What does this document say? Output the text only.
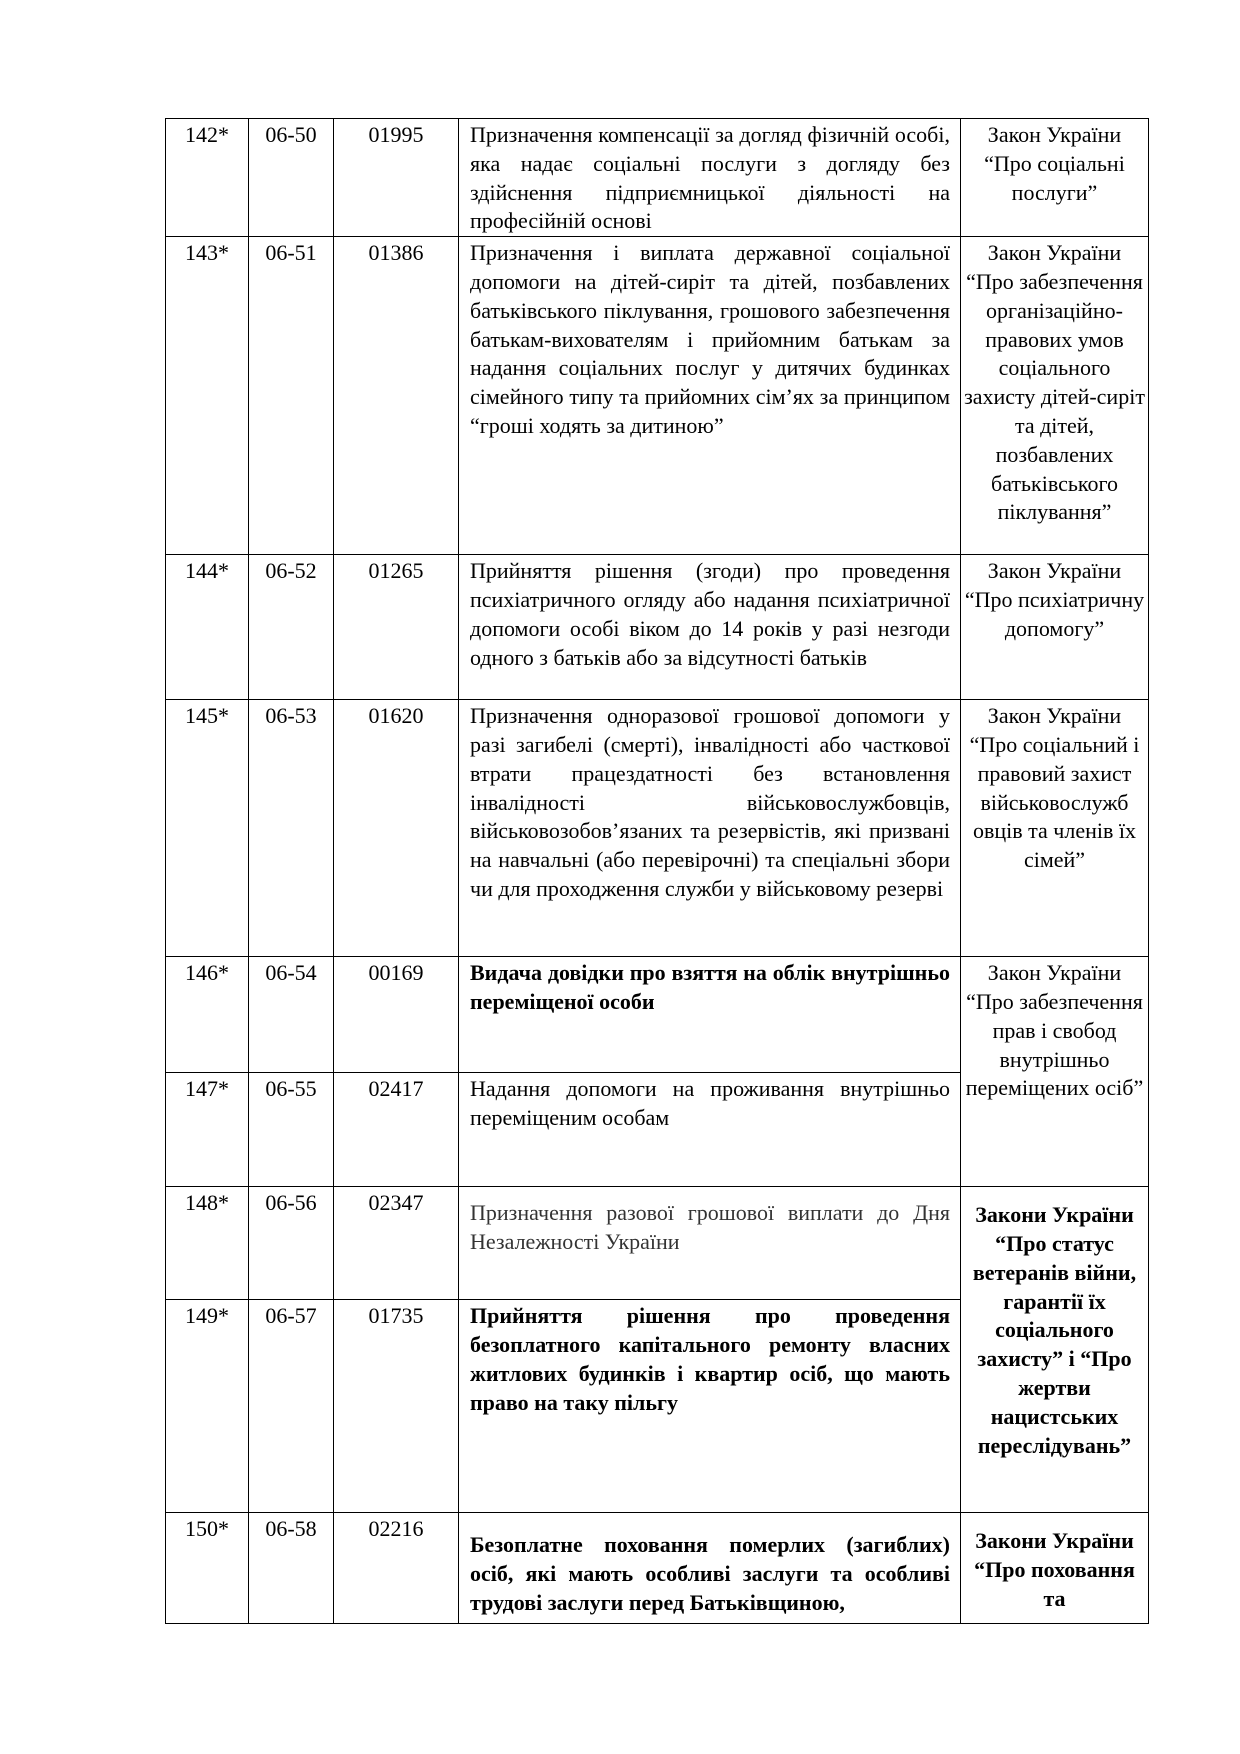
142*	06-50	01995	Призначення компенсації за догляд фізичній особі, яка надає соціальні послуги з догляду без здійснення підприємницької діяльності на професійній основі	Закон України “Про соціальні послуги”
143*	06-51	01386	Призначення і виплата державної соціальної допомоги на дітей-сиріт та дітей, позбавлених батьківського піклування, грошового забезпечення батькам-вихователям і прийомним батькам за надання соціальних послуг у дитячих будинках сімейного типу та прийомних сім’ях за принципом “гроші ходять за дитиною”	Закон України “Про забезпечення організаційно-правових умов соціального захисту дітей-сиріт та дітей, позбавлених батьківського піклування”
144*	06-52	01265	Прийняття рішення (згоди) про проведення психіатричного огляду або надання психіатричної допомоги особі віком до 14 років у разі незгоди одного з батьків або за відсутності батьків	Закон України “Про психіатричну допомогу”
145*	06-53	01620	Призначення одноразової грошової допомоги у разі загибелі (смерті), інвалідності або часткової втрати працездатності без встановлення інвалідності військовослужбовців, військовозобов’язаних та резервістів, які призвані на навчальні (або перевірочні) та спеціальні збори чи для проходження служби у військовому резерві	Закон України “Про соціальний і правовий захист військовослужб овців та членів їх сімей”
146*	06-54	00169	Видача довідки про взяття на облік внутрішньо переміщеної особи	Закон України “Про забезпечення прав і свобод внутрішньо переміщених осіб”
147*	06-55	02417	Надання допомоги на проживання внутрішньо переміщеним особам	
148*	06-56	02347	Призначення разової грошової виплати до Дня Незалежності України	Закони України “Про статус ветеранів війни, гарантії їх соціального захисту” і “Про жертви нацистських переслідувань”
149*	06-57	01735	Прийняття рішення про проведення безоплатного капітального ремонту власних житлових будинків і квартир осіб, що мають право на таку пільгу	
150*	06-58	02216	Безоплатне поховання померлих (загиблих) осіб, які мають особливі заслуги та особливі трудові заслуги перед Батьківщиною,	Закони України “Про поховання та
